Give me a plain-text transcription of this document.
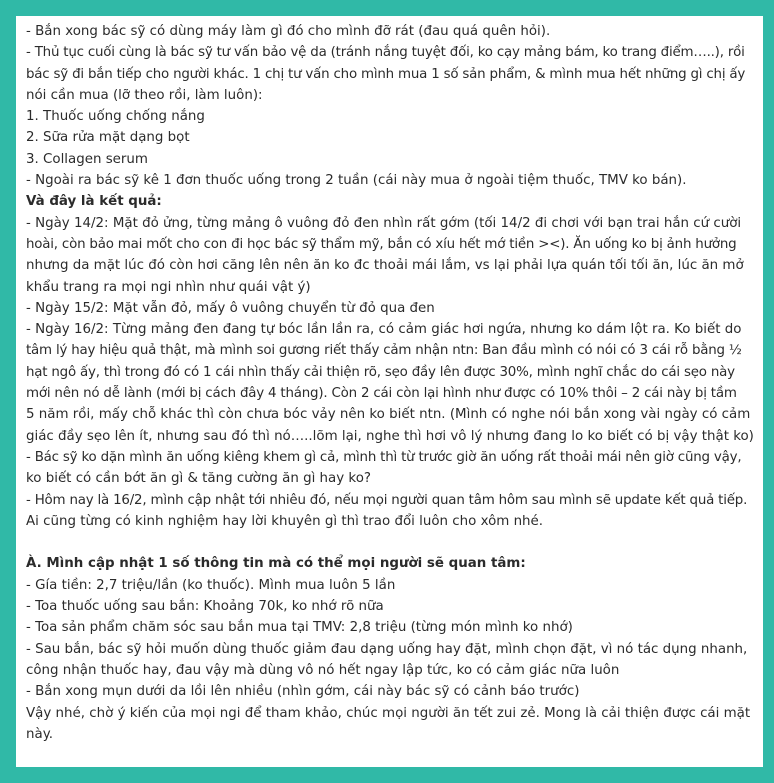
- Bắn xong bác sỹ có dùng máy làm gì đó cho mình đỡ rát (đau quá quên hỏi).
- Thủ tục cuối cùng là bác sỹ tư vấn bảo vệ da (tránh nắng tuyệt đối, ko cạy mảng bám, ko trang điểm…..), rồi
bác sỹ đi bắn tiếp cho người khác. 1 chị tư vấn cho mình mua 1 số sản phẩm, & mình mua hết những gì chị ấy
nói cần mua (lỡ theo rồi, làm luôn):
1. Thuốc uống chống nắng
2. Sữa rửa mặt dạng bọt
3. Collagen serum
- Ngoài ra bác sỹ kê 1 đơn thuốc uống trong 2 tuần (cái này mua ở ngoài tiệm thuốc, TMV ko bán).
Và đây là kết quả:
- Ngày 14/2: Mặt đỏ ửng, từng mảng ô vuông đỏ đen nhìn rất gớm (tối 14/2 đi chơi với bạn trai hắn cứ cười
hoài, còn bảo mai mốt cho con đi học bác sỹ thẩm mỹ, bắn có xíu hết mớ tiền ><). Ăn uống ko bị ảnh hưởng
nhưng da mặt lúc đó còn hơi căng lên nên ăn ko đc thoải mái lắm, vs lại phải lựa quán tối tối ăn, lúc ăn mở
khẩu trang ra mọi ngi nhìn như quái vật ý)
- Ngày 15/2: Mặt vẫn đỏ, mấy ô vuông chuyển từ đỏ qua đen
- Ngày 16/2: Từng mảng đen đang tự bóc lần lần ra, có cảm giác hơi ngứa, nhưng ko dám lột ra. Ko biết do
tâm lý hay hiệu quả thật, mà mình soi gương riết thấy cảm nhận ntn: Ban đầu mình có nói có 3 cái rỗ bằng ½
hạt ngô ấy, thì trong đó có 1 cái nhìn thấy cải thiện rõ, sẹo đầy lên được 30%, mình nghĩ chắc do cái sẹo này
mới nên nó dễ lành (mới bị cách đây 4 tháng). Còn 2 cái còn lại hình như được có 10% thôi – 2 cái này bị tầm
5 năm rồi, mấy chỗ khác thì còn chưa bóc vảy nên ko biết ntn. (Mình có nghe nói bắn xong vài ngày có cảm
giác đầy sẹo lên ít, nhưng sau đó thì nó…..lõm lại, nghe thì hơi vô lý nhưng đang lo ko biết có bị vậy thật ko)
- Bác sỹ ko dặn mình ăn uống kiêng khem gì cả, mình thì từ trước giờ ăn uống rất thoải mái nên giờ cũng vậy,
ko biết có cần bớt ăn gì & tăng cường ăn gì hay ko?
- Hôm nay là 16/2, mình cập nhật tới nhiêu đó, nếu mọi người quan tâm hôm sau mình sẽ update kết quả tiếp.
Ai cũng từng có kinh nghiệm hay lời khuyên gì thì trao đổi luôn cho xôm nhé.
À. Mình cập nhật 1 số thông tin mà có thể mọi người sẽ quan tâm:
- Gía tiền: 2,7 triệu/lần (ko thuốc). Mình mua luôn 5 lần
- Toa thuốc uống sau bắn: Khoảng 70k, ko nhớ rõ nữa
- Toa sản phẩm chăm sóc sau bắn mua tại TMV: 2,8 triệu (từng món mình ko nhớ)
- Sau bắn, bác sỹ hỏi muốn dùng thuốc giảm đau dạng uống hay đặt, mình chọn đặt, vì nó tác dụng nhanh,
công nhận thuốc hay, đau vậy mà dùng vô nó hết ngay lập tức, ko có cảm giác nữa luôn
- Bắn xong mụn dưới da lồi lên nhiều (nhìn gớm, cái này bác sỹ có cảnh báo trước)
Vậy nhé, chờ ý kiến của mọi ngi để tham khảo, chúc mọi người ăn tết zui zẻ. Mong là cải thiện được cái mặt
này.
